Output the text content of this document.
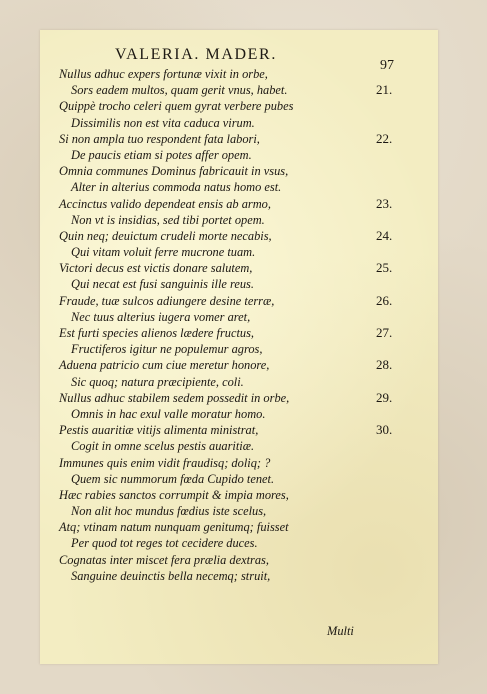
VALERIA. MADER.
97
Nullus adhuc expers fortunæ vixit in orbe,
Sors eadem multos, quam gerit vnus, habet.	21.
Quippè trocho celeri quem gyrat verbere pubes
Dissimilis non est vita caduca virum.
Si non ampla tuo respondent fata labori,	22.
De paucis etiam si potes affer opem.
Omnia communes Dominus fabricauit in vsus,
Alter in alterius commoda natus homo est.
Accinctus valido dependeat ensis ab armo,	23.
Non vt is insidias, sed tibi portet opem.
Quin neq; deuictum crudeli morte necabis,	24.
Qui vitam voluit ferre mucrone tuam.
Victori decus est victis donare salutem,	25.
Qui necat est fusi sanguinis ille reus.
Fraude, tuæ sulcos adiungere desine terræ,	26.
Nec tuus alterius iugera vomer aret,
Est furti species alienos lædere fructus,	27.
Fructiferos igitur ne populemur agros,
Aduena patricio cum ciue meretur honore,	28.
Sic quoq; natura præcipiente, coli.
Nullus adhuc stabilem sedem possedit in orbe,	29.
Omnis in hac exul valle moratur homo.
Pestis auaritiæ vitijs alimenta ministrat,	30.
Cogit in omne scelus pestis auaritiæ.
Immunes quis enim vidit fraudisq; doliq; ?
Quem sic nummorum fœda Cupido tenet.
Hæc rabies sanctos corrumpit & impia mores,
Non alit hoc mundus fœdius iste scelus,
Atq; vtinam natum nunquam genitumq; fuisset
Per quod tot reges tot cecidere duces.
Cognatas inter miscet fera prælia dextras,
Sanguine deuinctis bella necemq; struit,
Multi
